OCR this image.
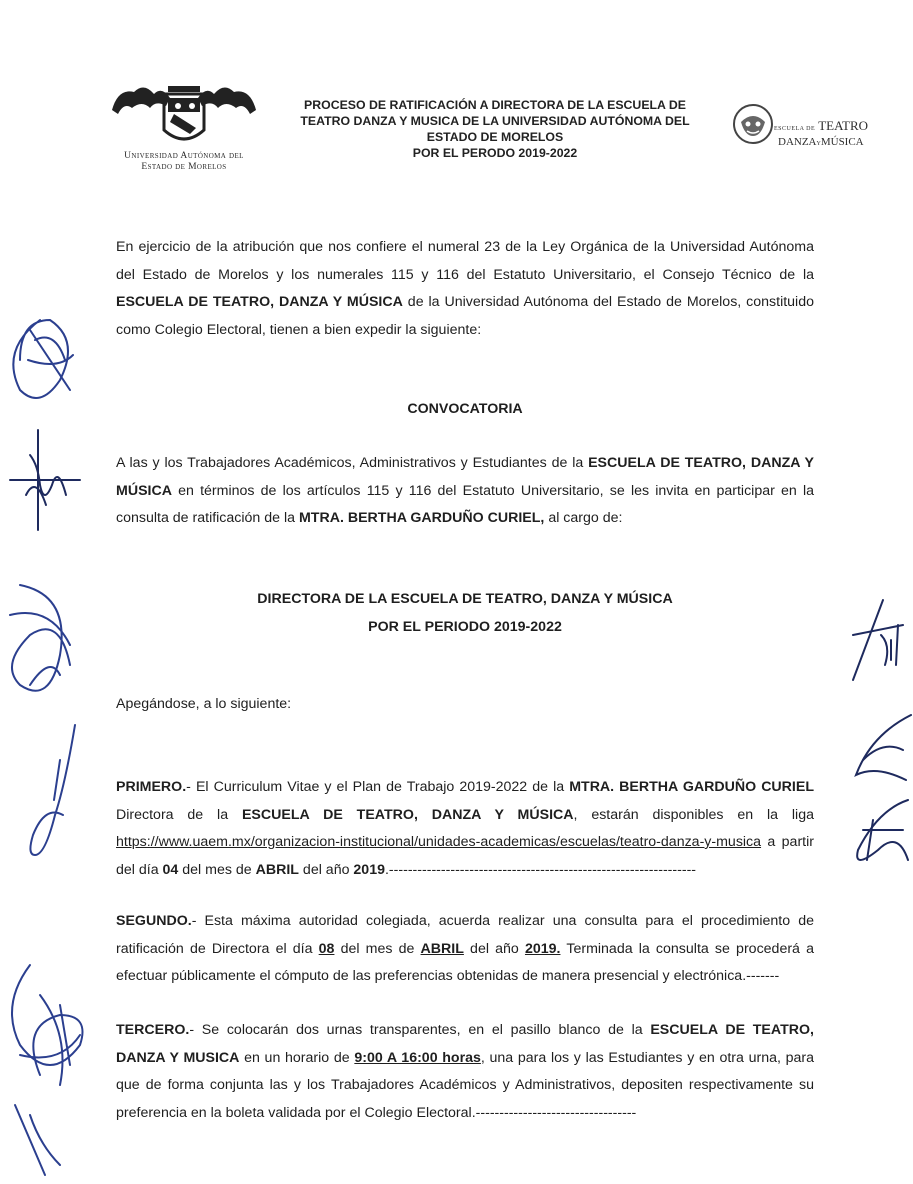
Universidad Autónoma del
Estado de Morelos
PROCESO DE RATIFICACIÓN A DIRECTORA DE LA ESCUELA DE
TEATRO DANZA Y MUSICA DE LA UNIVERSIDAD AUTÓNOMA DEL
ESTADO DE MORELOS
POR EL PERODO 2019-2022
ESCUELA DE TEATRO
DANZAYMÚSICA
En ejercicio de la atribución que nos confiere el numeral 23 de la Ley Orgánica de la Universidad Autónoma del Estado de Morelos y los numerales 115 y 116 del Estatuto Universitario, el Consejo Técnico de la ESCUELA DE TEATRO, DANZA Y MÚSICA de la Universidad Autónoma del Estado de Morelos, constituido como Colegio Electoral, tienen a bien expedir la siguiente:
CONVOCATORIA
A las y los Trabajadores Académicos, Administrativos y Estudiantes de la ESCUELA DE TEATRO, DANZA Y MÚSICA en términos de los artículos 115 y 116 del Estatuto Universitario, se les invita en participar en la consulta de ratificación de la MTRA. BERTHA GARDUÑO CURIEL, al cargo de:
DIRECTORA DE LA ESCUELA DE TEATRO, DANZA Y MÚSICA
POR EL PERIODO 2019-2022
Apegándose, a lo siguiente:
PRIMERO.- El Curriculum Vitae y el Plan de Trabajo 2019-2022 de la MTRA. BERTHA GARDUÑO CURIEL Directora de la ESCUELA DE TEATRO, DANZA Y MÚSICA, estarán disponibles en la liga https://www.uaem.mx/organizacion-institucional/unidades-academicas/escuelas/teatro-danza-y-musica a partir del día 04 del mes de ABRIL del año 2019.-----------------------------------------------------------------
SEGUNDO.- Esta máxima autoridad colegiada, acuerda realizar una consulta para el procedimiento de ratificación de Directora el día 08 del mes de ABRIL del año 2019. Terminada la consulta se procederá a efectuar públicamente el cómputo de las preferencias obtenidas de manera presencial y electrónica.-------
TERCERO.- Se colocarán dos urnas transparentes, en el pasillo blanco de la ESCUELA DE TEATRO, DANZA Y MUSICA en un horario de 9:00 A 16:00 horas, una para los y las Estudiantes y en otra urna, para que de forma conjunta las y los Trabajadores Académicos y Administrativos, depositen respectivamente su preferencia en la boleta validada por el Colegio Electoral.----------------------------------
